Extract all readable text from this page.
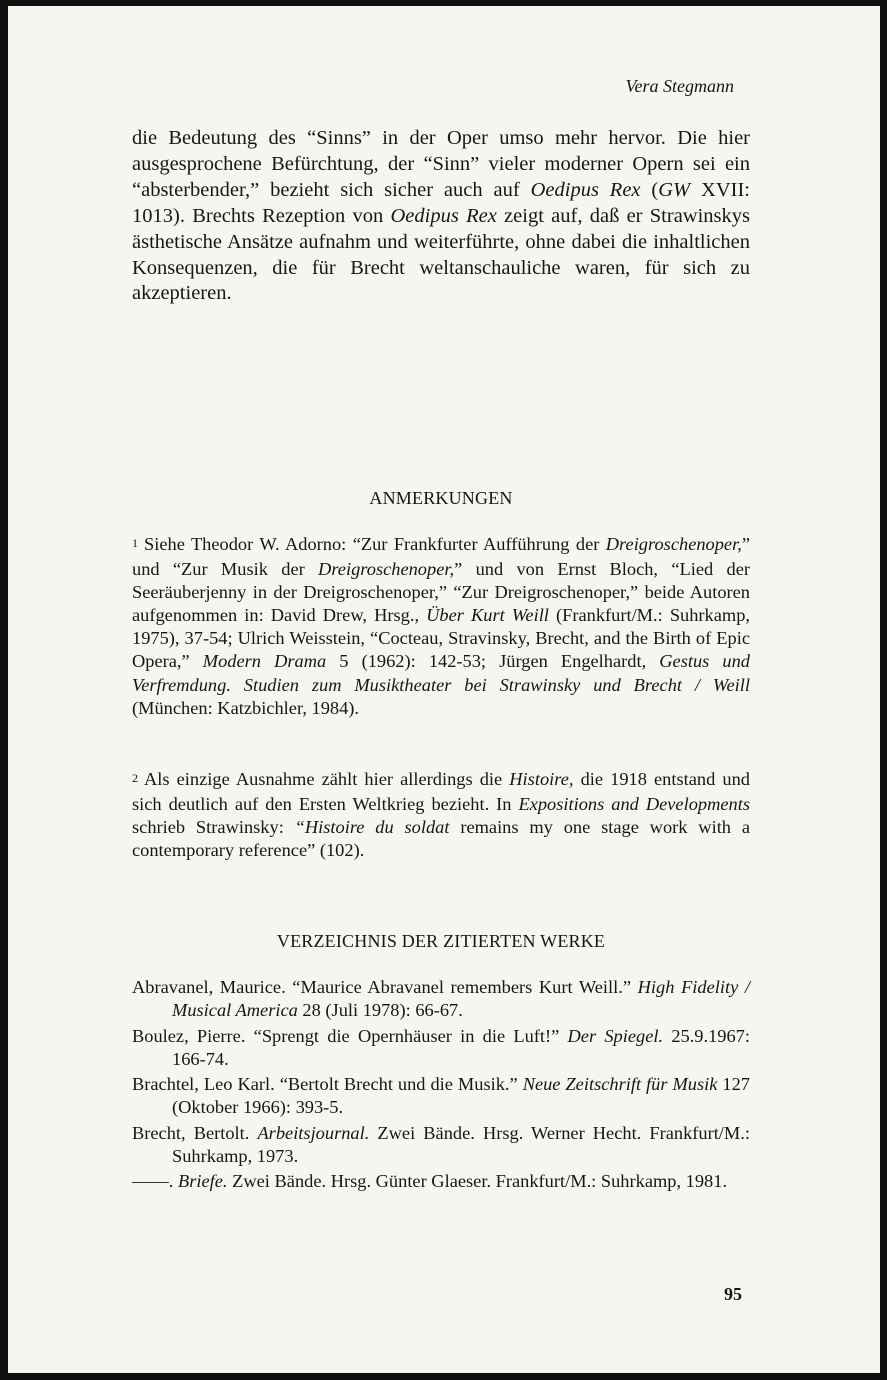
Vera Stegmann

die Bedeutung des “Sinns” in der Oper umso mehr hervor. Die hier ausgesprochene Befürchtung, der “Sinn” vieler moderner Opern sei ein “absterbender,” bezieht sich sicher auch auf Oedipus Rex (GW XVII: 1013). Brechts Rezeption von Oedipus Rex zeigt auf, daß er Strawinskys ästhetische Ansätze aufnahm und weiterführte, ohne dabei die inhaltlichen Konsequenzen, die für Brecht weltanschauliche waren, für sich zu akzeptieren.

ANMERKUNGEN

$^1$ Siehe Theodor W. Adorno: “Zur Frankfurter Aufführung der Dreigroschenoper,” und “Zur Musik der Dreigroschenoper,” und von Ernst Bloch, “Lied der Seeräuberjenny in der Dreigroschenoper,” “Zur Dreigroschenoper,” beide Autoren aufgenommen in: David Drew, Hrsg., Über Kurt Weill (Frankfurt/M.: Suhrkamp, 1975), 37-54; Ulrich Weisstein, “Cocteau, Stravinsky, Brecht, and the Birth of Epic Opera,” Modern Drama 5 (1962): 142-53; Jürgen Engelhardt, Gestus und Verfremdung. Studien zum Musiktheater bei Strawinsky und Brecht / Weill (München: Katzbichler, 1984).

$^2$ Als einzige Ausnahme zählt hier allerdings die Histoire, die 1918 entstand und sich deutlich auf den Ersten Weltkrieg bezieht. In Expositions and Developments schrieb Strawinsky: “Histoire du soldat remains my one stage work with a contemporary reference” (102).

VERZEICHNIS DER ZITIERTEN WERKE
Abravanel, Maurice. “Maurice Abravanel remembers Kurt Weill.” High Fidelity / Musical America 28 (Juli 1978): 66-67.
Boulez, Pierre. “Sprengt die Opernhäuser in die Luft!” Der Spiegel. 25.9.1967: 166-74.
Brachtel, Leo Karl. “Bertolt Brecht und die Musik.” Neue Zeitschrift für Musik 127 (Oktober 1966): 393-5.
Brecht, Bertolt. Arbeitsjournal. Zwei Bände. Hrsg. Werner Hecht. Frankfurt/M.: Suhrkamp, 1973.
——. Briefe. Zwei Bände. Hrsg. Günter Glaeser. Frankfurt/M.: Suhrkamp, 1981.

95
